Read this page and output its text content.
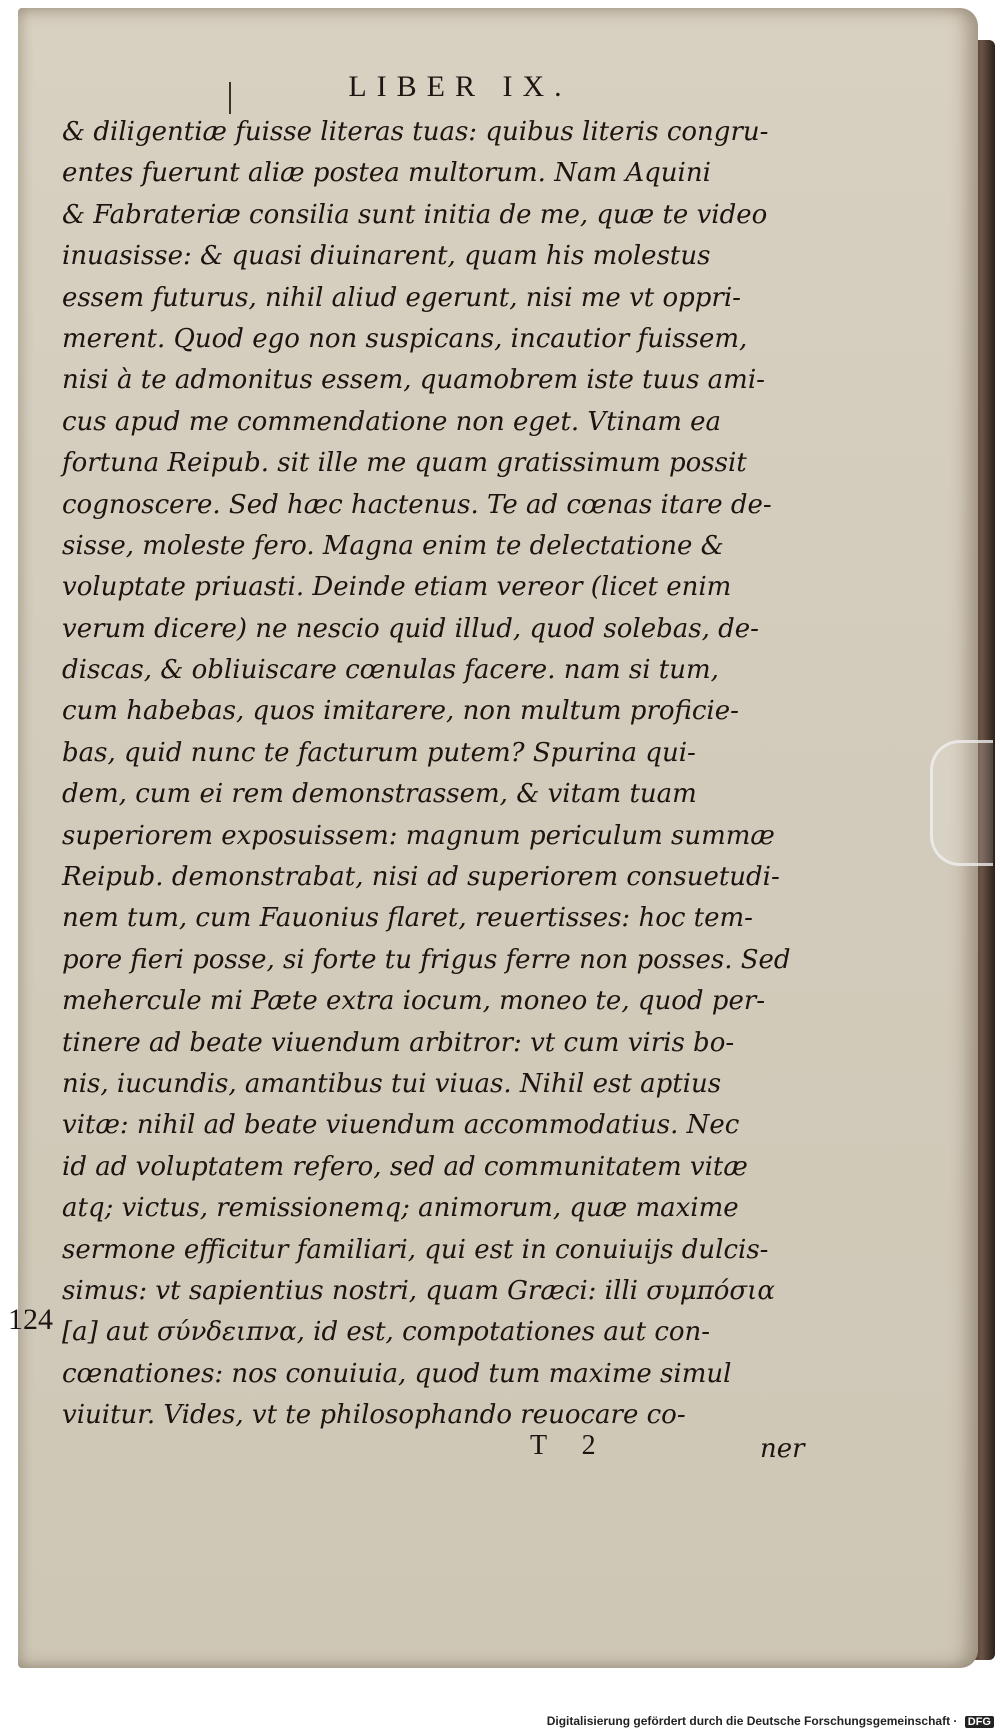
LIBER IX.
& diligentiæ fuisse literas tuas: quibus literis congru-
entes fuerunt aliæ postea multorum. Nam Aquini
& Fabrateriæ consilia sunt initia de me, quæ te video
inuasisse: & quasi diuinarent, quam his molestus
essem futurus, nihil aliud egerunt, nisi me vt oppri-
merent. Quod ego non suspicans, incautior fuissem,
nisi à te admonitus essem, quamobrem iste tuus ami-
cus apud me commendatione non eget. Vtinam ea
fortuna Reipub. sit ille me quam gratissimum possit
cognoscere. Sed hæc hactenus. Te ad cœnas itare de-
sisse, moleste fero. Magna enim te delectatione &
voluptate priuasti. Deinde etiam vereor (licet enim
verum dicere) ne nescio quid illud, quod solebas, de-
discas, & obliuiscare cœnulas facere. nam si tum,
cum habebas, quos imitarere, non multum proficie-
bas, quid nunc te facturum putem? Spurina qui-
dem, cum ei rem demonstrassem, & vitam tuam
superiorem exposuissem: magnum periculum summæ
Reipub. demonstrabat, nisi ad superiorem consuetudi-
nem tum, cum Fauonius flaret, reuertisses: hoc tem-
pore fieri posse, si forte tu frigus ferre non posses. Sed
mehercule mi Pæte extra iocum, moneo te, quod per-
tinere ad beate viuendum arbitror: vt cum viris bo-
nis, iucundis, amantibus tui viuas. Nihil est aptius
vitæ: nihil ad beate viuendum accommodatius. Nec
id ad voluptatem refero, sed ad communitatem vitæ
atq; victus, remissionemq; animorum, quæ maxime
sermone efficitur familiari, qui est in conuiuijs dulcis-
simus: vt sapientius nostri, quam Græci: illi συμπόσια
[a] aut σύνδειπνα, id est, compotationes aut con-
cœnationes: nos conuiuia, quod tum maxime simul
viuitur. Vides, vt te philosophando reuocare co-
124
T 2	ner
Digitalisierung gefördert durch die Deutsche Forschungsgemeinschaft · DFG
